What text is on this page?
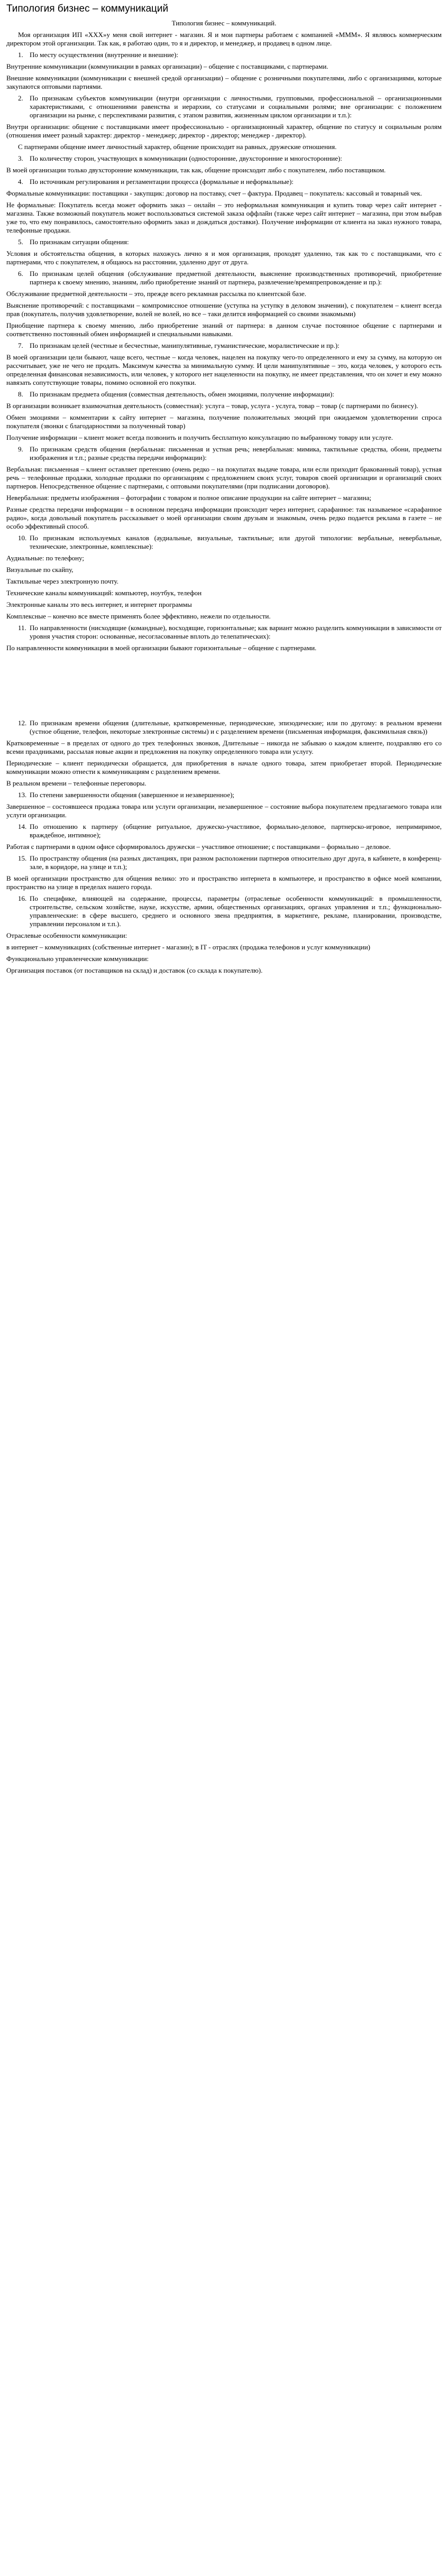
Типология бизнес – коммуникаций
Типология бизнес – коммуникаций.
Моя организация ИП «ХХХ»у меня свой интернет - магазин. Я и мои партнеры работаем с компанией «МММ». Я являюсь коммерческим директором этой организации. Так как, я работаю один, то я и директор, и менеджер, и продавец в одном лице.
1. По месту осуществления (внутренние и внешние):
Внутренние коммуникации (коммуникации в рамках организации) – общение с поставщиками, с партнерами.
Внешние коммуникации (коммуникации с внешней средой организации) – общение с розничными покупателями, либо с организациями, которые закупаются оптовыми партиями.
2. По признакам субъектов коммуникации (внутри организации с личностными, групповыми, профессиональной – организационными характеристиками, с отношениями равенства и иерархии, со статусами и социальными ролями; вне организации: с положением организации на рынке, с перспективами развития, с этапом развития, жизненным циклом организации и т.п.):
Внутри организации: общение с поставщиками имеет профессионально - организационный характер, общение по статусу и социальным ролям (отношения имеет разный характер: директор - менеджер; директор - директор; менеджер - директор).
С партнерами общение имеет личностный характер, общение происходит на равных, дружеские отношения.
3. По количеству сторон, участвующих в коммуникации (односторонние, двухсторонние и многосторонние):
В моей организации только двухсторонние коммуникации, так как, общение происходит либо с покупателем, либо поставщиком.
4. По источникам регулирования и регламентации процесса (формальные и неформальные):
Формальные коммуникации: поставщики - закупщик: договор на поставку, счет – фактура. Продавец – покупатель: кассовый и товарный чек.
Не формальные: Покупатель всегда может оформить заказ – онлайн – это неформальная коммуникация и купить товар через сайт интернет - магазина. Также возможный покупатель может воспользоваться системой заказа оффлайн (также через сайт интернет – магазина, при этом выбрав уже то, что ему понравилось, самостоятельно оформить заказ и дождаться доставки). Получение информации от клиента на заказ нужного товара, телефонные продажи.
5. По признакам ситуации общения:
Условия и обстоятельства общения, в которых нахожусь лично я и моя организация, проходят удаленно, так как то с поставщиками, что с партнерами, что с покупателем, я общаюсь на расстоянии, удаленно друг от друга.
6. По признакам целей общения (обслуживание предметной деятельности, выяснение производственных противоречий, приобретение партнера к своему мнению, знаниям, либо приобретение знаний от партнера, развлечение/времяпрепровождение и пр.):
Обслуживание предметной деятельности – это, прежде всего рекламная рассылка по клиентской базе.
Выяснение противоречий: с поставщиками – компромиссное отношение (уступка на уступку в деловом значении), с покупателем – клиент всегда прав (покупатель, получив удовлетворение, волей не волей, но все – таки делится информацией со своими знакомыми)
Приобщение партнера к своему мнению, либо приобретение знаний от партнера: в данном случае постоянное общение с партнерами и соответственно постоянный обмен информацией и специальными навыками.
7. По признакам целей (честные и бесчестные, манипулятивные, гуманистические, моралистические и пр.):
В моей организации цели бывают, чаще всего, честные – когда человек, нацелен на покупку чего-то определенного и ему за сумму, на которую он рассчитывает, уже не чего не продать. Максимум качества за минимальную сумму. И цели манипулятивные – это, когда человек, у которого есть определенная финансовая независимость, или человек, у которого нет нацеленности на покупку, не имеет представления, что он хочет и ему можно навязать сопутствующие товары, помимо основной его покупки.
8. По признакам предмета общения (совместная деятельность, обмен эмоциями, получение информации):
В организации возникает взаимочатная деятельность (совместная): услуга – товар, услуга - услуга, товар – товар (с партнерами по бизнесу).
Обмен эмоциями – комментарии к сайту интернет – магазина, получение положительных эмоций при ожидаемом удовлетворении спроса покупателя (звонки с благодарностями за полученный товар)
Получение информации – клиент может всегда позвонить и получить бесплатную консультацию по выбранному товару или услуге.
9. По признакам средств общения (вербальная: письменная и устная речь; невербальная: мимика, тактильные средства, обони, предметы изображения и т.п.; разные средства передачи информации):
Вербальная: письменная – клиент оставляет претензию (очень редко – на покупатах выдаче товара, или если приходит бракованный товар), устная речь – телефонные продажи, холодные продажи по организациям с предложением своих услуг, товаров своей организации и организаций своих партнеров. Непосредственное общение с партнерами, с оптовыми покупателями (при подписании договоров).
Невербальная: предметы изображения – фотографии с товаром и полное описание продукции на сайте интернет – магазина;
Разные средства передачи информации – в основном передача информации происходит через интернет, сарафанное: так называемое «сарафанное радио», когда довольный покупатель рассказывает о моей организации своим друзьям и знакомым, очень редко подается реклама в газете – не особо эффективный способ.
10. По признакам используемых каналов (аудиальные, визуальные, тактильные; или другой типологии: вербальные, невербальные, технические, электронные, комплексные):
Аудиальные: по телефону;
Визуальные по скайпу,
Тактильные через электронную почту.
Технические каналы коммуникаций: компьютер, ноутбук, телефон
Электронные каналы это весь интернет, и интернет программы
Комплексные – конечно все вместе применять более эффективно, нежели по отдельности.
11. По направленности (нисходящие (командные), восходящие, горизонтальные; как вариант можно разделить коммуникации в зависимости от уровня участия сторон: основанные, несогласованные вплоть до телепатических):
По направленности коммуникации в моей организации бывают горизонтальные – общение с партнерами.
12. По признакам времени общения (длительные, кратковременные, периодические, эпизодические; или по другому: в реальном времени (устное общение, телефон, некоторые электронные системы) и с разделением времени (письменная информация, факсимильная связь))
Кратковременные – в пределах от одного до трех телефонных звонков, Длительные – никогда не забываю о каждом клиенте, поздравляю его со всеми праздниками, рассылая новые акции и предложения на покупку определенного товара или услугу.
Периодические – клиент периодически обращается, для приобретения в начале одного товара, затем приобретает второй. Периодические коммуникации можно отнести к коммуникациям с разделением времени.
В реальном времени – телефонные переговоры.
13. По степени завершенности общения (завершенное и незавершенное);
Завершенное – состоявшееся продажа товара или услуги организации, незавершенное – состояние выбора покупателем предлагаемого товара или услуги организации.
14. По отношению к партнеру (общение ритуальное, дружеско-участливое, формально-деловое, партнерско-игровое, непримиримое, враждебное, интимное);
Работая с партнерами в одном офисе сформировалось дружески – участливое отношение; с поставщиками – формально – деловое.
15. По пространству общения (на разных дистанциях, при разном расположении партнеров относительно друг друга, в кабинете, в конференц-зале, в коридоре, на улице и т.п.);
В моей организации пространство для общения велико: это и пространство интернета в компьютере, и пространство в офисе моей компании, пространство на улице в пределах нашего города.
16. По специфике, влияющей на содержание, процессы, параметры (отраслевые особенности коммуникаций: в промышленности, строительстве, сельском хозяйстве, науке, искусстве, армии, общественных организациях, органах управления и т.п.; функционально-управленческие: в сфере высшего, среднего и основного звена предприятия, в маркетинге, рекламе, планировании, производстве, управлении персоналом и т.п.).
Отраслевые особенности коммуникации:
в интернет – коммуникациях (собственные интернет - магазин); в IT - отраслях (продажа телефонов и услуг коммуникации)
Функционально управленческие коммуникации:
Организация поставок (от поставщиков на склад) и доставок (со склада к покупателю).
